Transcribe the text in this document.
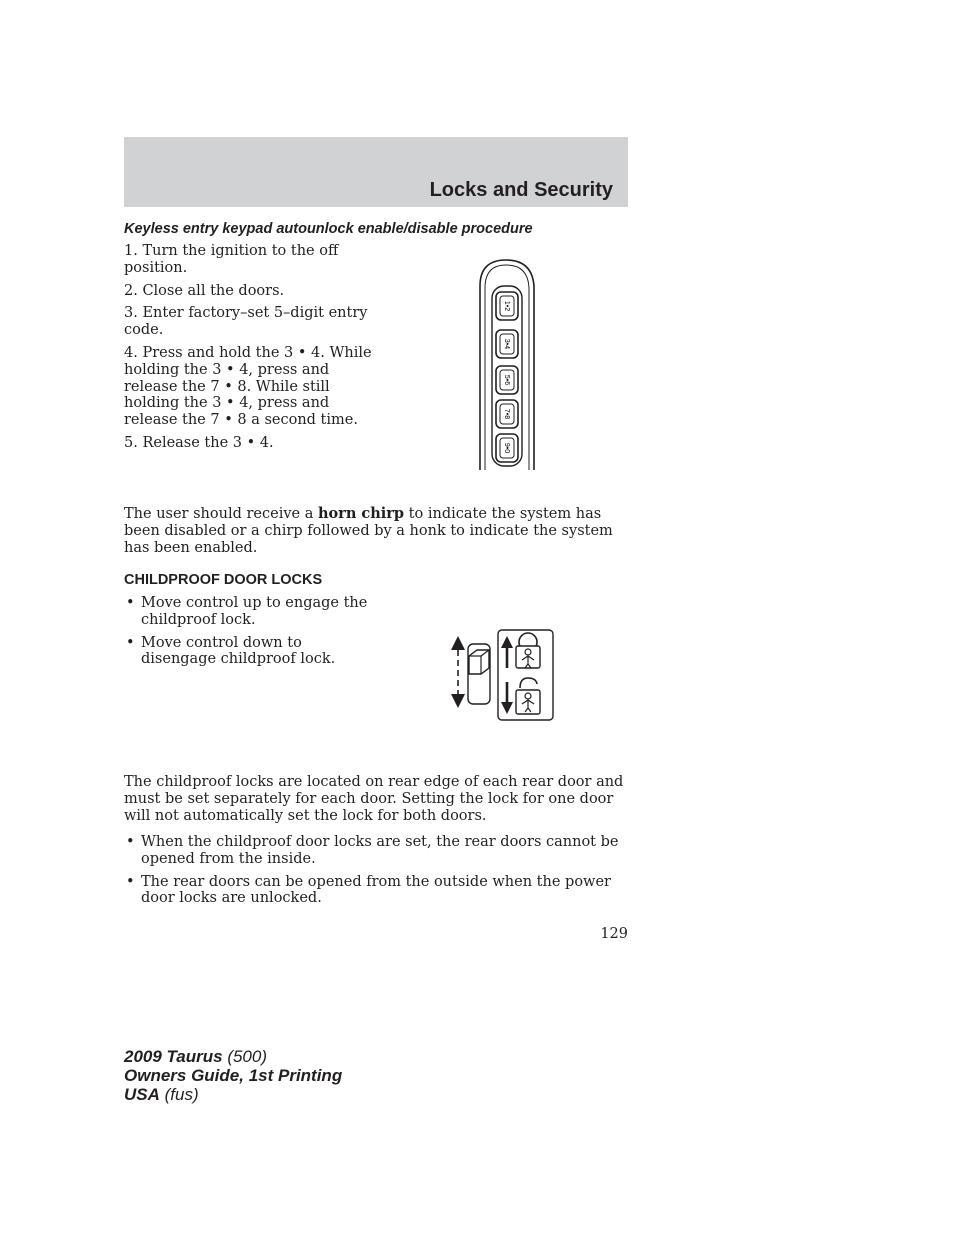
Locks and Security
Keyless entry keypad autounlock enable/disable procedure

1. Turn the ignition to the off position.

2. Close all the doors.

3. Enter factory–set 5–digit entry code.

4. Press and hold the 3 • 4. While holding the 3 • 4, press and release the 7 • 8. While still holding the 3 • 4, press and release the 7 • 8 a second time.

5. Release the 3 • 4.

1•2
3•4
5•6
7•8
9•0

The user should receive a horn chirp to indicate the system has been disabled or a chirp followed by a honk to indicate the system has been enabled.

CHILDPROOF DOOR LOCKS
• Move control up to engage the childproof lock.
• Move control down to disengage childproof lock.

The childproof locks are located on rear edge of each rear door and must be set separately for each door. Setting the lock for one door will not automatically set the lock for both doors.

• When the childproof door locks are set, the rear doors cannot be opened from the inside.
• The rear doors can be opened from the outside when the power door locks are unlocked.
129
2009 Taurus (500)
Owners Guide, 1st Printing
USA (fus)
